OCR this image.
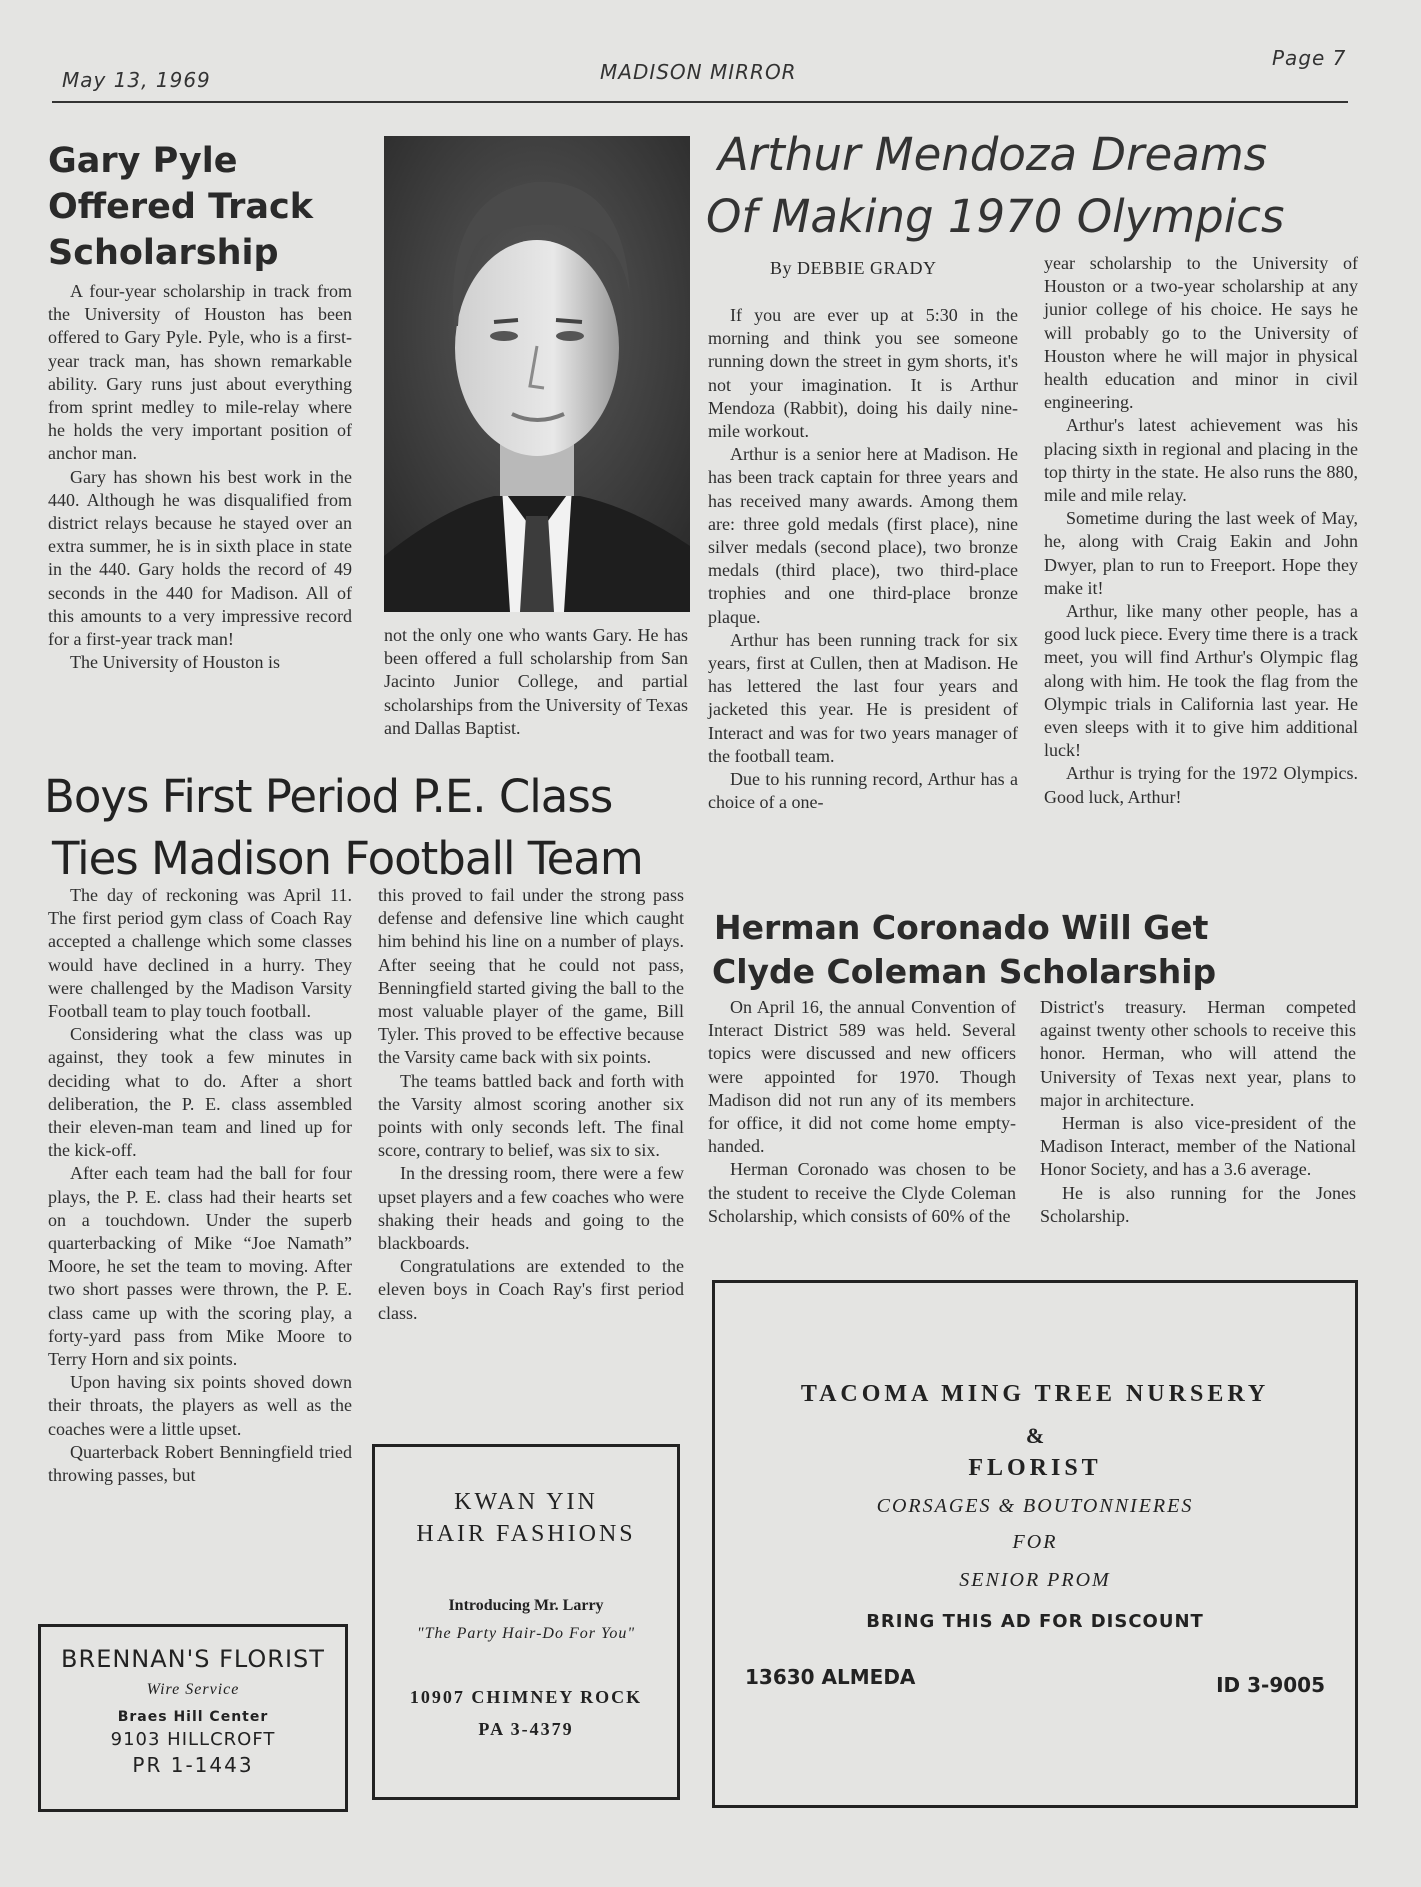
May 13, 1969	MADISON MIRROR
Page 7
Gary Pyle
Offered Track
Scholarship

A four-year scholarship in track from the University of Houston has been offered to Gary Pyle. Pyle, who is a first-year track man, has shown remarkable ability. Gary runs just about everything from sprint medley to mile-relay where he holds the very important position of anchor man.

Gary has shown his best work in the 440. Although he was disqualified from district relays because he stayed over an extra summer, he is in sixth place in state in the 440. Gary holds the record of 49 seconds in the 440 for Madison. All of this amounts to a very impressive record for a first-year track man!

The University of Houston is

not the only one who wants Gary. He has been offered a full scholarship from San Jacinto Junior College, and partial scholarships from the University of Texas and Dallas Baptist.

Arthur Mendoza Dreams
Of Making 1970 Olympics
By DEBBIE GRADY

If you are ever up at 5:30 in the morning and think you see someone running down the street in gym shorts, it's not your imagination. It is Arthur Mendoza (Rabbit), doing his daily nine-mile workout.

Arthur is a senior here at Madison. He has been track captain for three years and has received many awards. Among them are: three gold medals (first place), nine silver medals (second place), two bronze medals (third place), two third-place trophies and one third-place bronze plaque.

Arthur has been running track for six years, first at Cullen, then at Madison. He has lettered the last four years and jacketed this year. He is president of Interact and was for two years manager of the football team.

Due to his running record, Arthur has a choice of a one-

year scholarship to the University of Houston or a two-year scholarship at any junior college of his choice. He says he will probably go to the University of Houston where he will major in physical health education and minor in civil engineering.

Arthur's latest achievement was his placing sixth in regional and placing in the top thirty in the state. He also runs the 880, mile and mile relay.

Sometime during the last week of May, he, along with Craig Eakin and John Dwyer, plan to run to Freeport. Hope they make it!

Arthur, like many other people, has a good luck piece. Every time there is a track meet, you will find Arthur's Olympic flag along with him. He took the flag from the Olympic trials in California last year. He even sleeps with it to give him additional luck!

Arthur is trying for the 1972 Olympics. Good luck, Arthur!

Boys First Period P.E. Class
Ties Madison Football Team

The day of reckoning was April 11. The first period gym class of Coach Ray accepted a challenge which some classes would have declined in a hurry. They were challenged by the Madison Varsity Football team to play touch football.

Considering what the class was up against, they took a few minutes in deciding what to do. After a short deliberation, the P. E. class assembled their eleven-man team and lined up for the kick-off.

After each team had the ball for four plays, the P. E. class had their hearts set on a touchdown. Under the superb quarterbacking of Mike “Joe Namath” Moore, he set the team to moving. After two short passes were thrown, the P. E. class came up with the scoring play, a forty-yard pass from Mike Moore to Terry Horn and six points.

Upon having six points shoved down their throats, the players as well as the coaches were a little upset.

Quarterback Robert Benningfield tried throwing passes, but

this proved to fail under the strong pass defense and defensive line which caught him behind his line on a number of plays. After seeing that he could not pass, Benningfield started giving the ball to the most valuable player of the game, Bill Tyler. This proved to be effective because the Varsity came back with six points.

The teams battled back and forth with the Varsity almost scoring another six points with only seconds left. The final score, contrary to belief, was six to six.

In the dressing room, there were a few upset players and a few coaches who were shaking their heads and going to the blackboards.

Congratulations are extended to the eleven boys in Coach Ray's first period class.

Herman Coronado Will Get
Clyde Coleman Scholarship

On April 16, the annual Convention of Interact District 589 was held. Several topics were discussed and new officers were appointed for 1970. Though Madison did not run any of its members for office, it did not come home empty-handed.

Herman Coronado was chosen to be the student to receive the Clyde Coleman Scholarship, which consists of 60% of the

District's treasury. Herman competed against twenty other schools to receive this honor. Herman, who will attend the University of Texas next year, plans to major in architecture.

Herman is also vice-president of the Madison Interact, member of the National Honor Society, and has a 3.6 average.

He is also running for the Jones Scholarship.

BRENNAN'S FLORIST
Wire Service
Braes Hill Center
9103 HILLCROFT
PR 1-1443
KWAN YIN
HAIR FASHIONS
Introducing Mr. Larry
"The Party Hair-Do For You"
10907 CHIMNEY ROCK
PA 3-4379
TACOMA MING TREE NURSERY
&
FLORIST
CORSAGES & BOUTONNIERES
FOR
SENIOR PROM
BRING THIS AD FOR DISCOUNT
13630 ALMEDA	ID 3-9005
